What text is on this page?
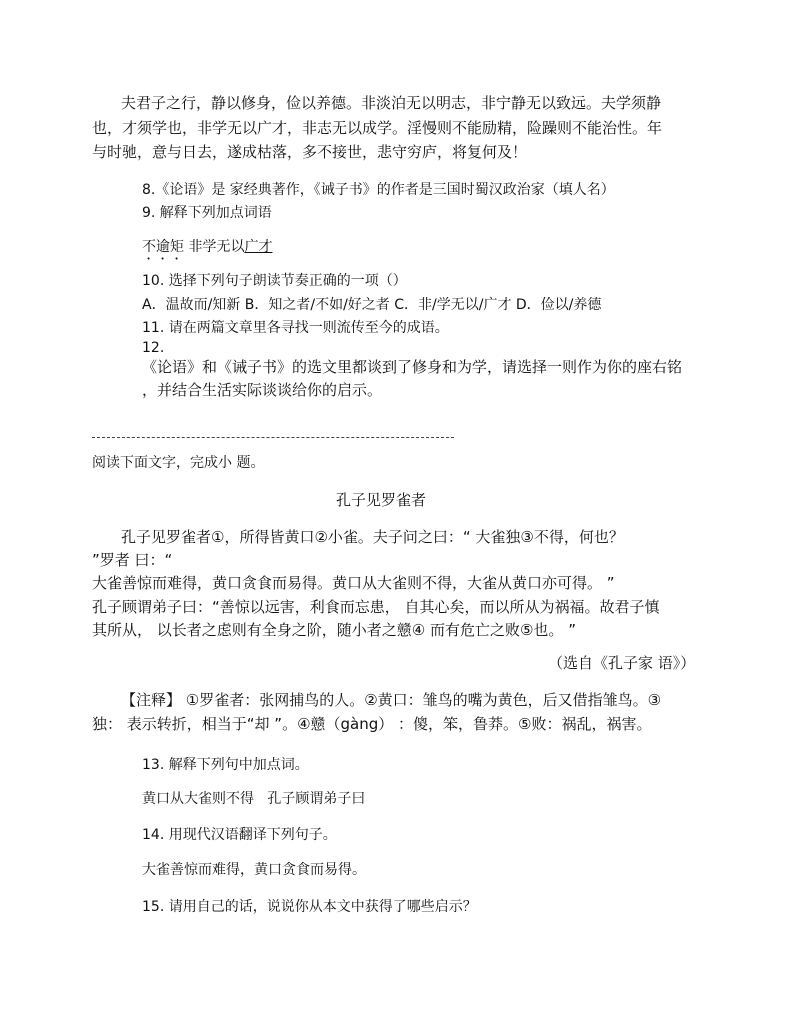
夫君子之行，静以修身，俭以养德。非淡泊无以明志，非宁静无以致远。夫学须静
也，才须学也，非学无以广才，非志无以成学。淫慢则不能励精，险躁则不能治性。年
与时驰，意与日去，遂成枯落，多不接世，悲守穷庐，将复何及！
8.《论语》是 家经典著作，《诫子书》的作者是三国时蜀汉政治家（填人名）
9. 解释下列加点词语
不逾矩 非学无以广才
10. 选择下列句子朗读节奏正确的一项（）
A．温故而/知新 B．知之者/不如/好之者 C．非/学无以/广才 D．俭以/养德
11. 请在两篇文章里各寻找一则流传至今的成语。
12.
《论语》和《诫子书》的选文里都谈到了修身和为学，请选择一则作为你的座右铭
，并结合生活实际谈谈给你的启示。
阅读下面文字，完成小 题。
孔子见罗雀者
孔子见罗雀者①，所得皆黄口②小雀。夫子问之曰：“ 大雀独③不得，何也？
”罗者 曰：“
大雀善惊而难得，黄口贪食而易得。黄口从大雀则不得，大雀从黄口亦可得。 ”
孔子顾谓弟子曰：“善惊以远害，利食而忘患， 自其心矣，而以所从为祸福。故君子慎
其所从， 以长者之虑则有全身之阶，随小者之戆④ 而有危亡之败⑤也。 ”
（选自《孔子家 语》）
【注释】 ①罗雀者：张网捕鸟的人。②黄口：雏鸟的嘴为黄色，后又借指雏鸟。③
独： 表示转折，相当于“却 ”。④戆（gàng） ：傻，笨，鲁莽。⑤败：祸乱，祸害。
13. 解释下列句中加点词。
黄口从大雀则不得 孔子顾谓弟子曰
14. 用现代汉语翻译下列句子。
大雀善惊而难得，黄口贪食而易得。
15. 请用自己的话，说说你从本文中获得了哪些启示？
